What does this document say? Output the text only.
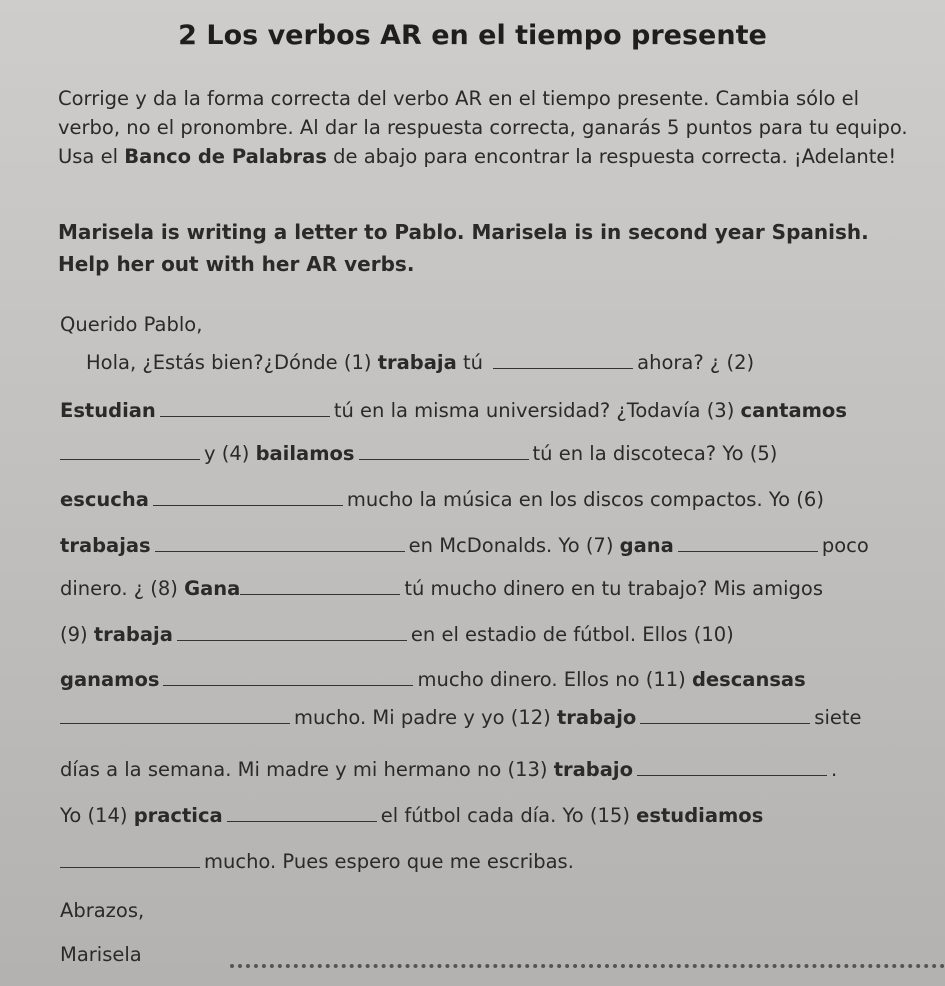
2 Los verbos AR en el tiempo presente
Corrige y da la forma correcta del verbo AR en el tiempo presente. Cambia sólo el verbo, no el pronombre. Al dar la respuesta correcta, ganarás 5 puntos para tu equipo. Usa el Banco de Palabras de abajo para encontrar la respuesta correcta. ¡Adelante!
Marisela is writing a letter to Pablo. Marisela is in second year Spanish. Help her out with her AR verbs.
Querido Pablo,
Hola, ¿Estás bien?¿Dónde (1) trabaja tú	ahora? ¿ (2)
Estudian	tú en la misma universidad? ¿Todavía (3) cantamos
y (4) bailamos	tú en la discoteca? Yo (5)
escucha	mucho la música en los discos compactos. Yo (6)
trabajas	en McDonalds. Yo (7) gana	poco
dinero. ¿ (8) Gana	tú mucho dinero en tu trabajo? Mis amigos
(9) trabaja	en el estadio de fútbol. Ellos (10)
ganamos	mucho dinero. Ellos no (11) descansas
mucho. Mi padre y yo (12) trabajo	siete
días a la semana. Mi madre y mi hermano no (13) trabajo	.
Yo (14) practica	el fútbol cada día. Yo (15) estudiamos
mucho. Pues espero que me escribas.
Abrazos,
Marisela
